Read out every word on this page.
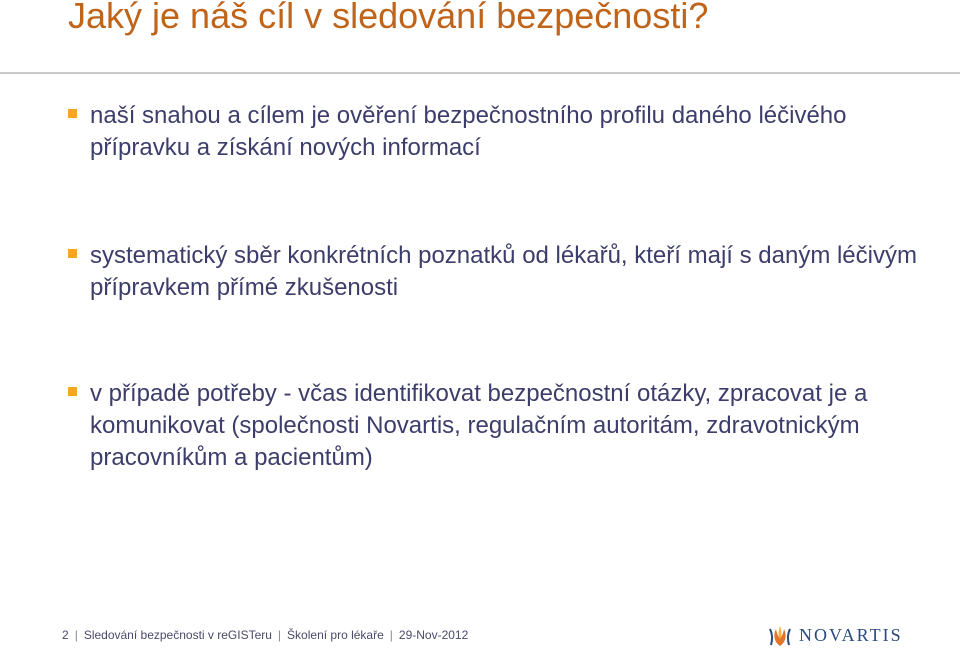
Jaký je náš cíl v sledování bezpečnosti?
naší snahou a cílem je ověření bezpečnostního profilu daného léčivého přípravku a získání nových informací
systematický sběr konkrétních poznatků od lékařů, kteří mají s daným léčivým přípravkem přímé zkušenosti
v případě potřeby - včas identifikovat bezpečnostní otázky, zpracovat je a komunikovat (společnosti Novartis, regulačním autoritám, zdravotnickým pracovníkům a pacientům)
2 | Sledování bezpečnosti v reGISTeru | Školení pro lékaře | 29-Nov-2012	NOVARTIS
